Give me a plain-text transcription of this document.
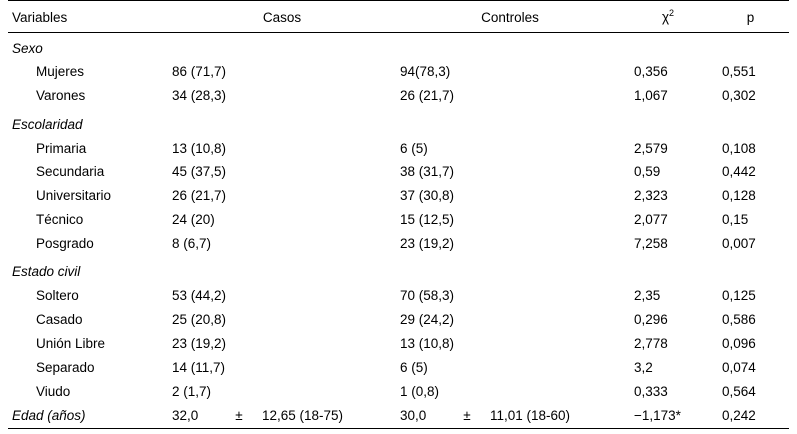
Variables	Casos	Controles	$\chi^2$	p
Sexo				
Mujeres	86 (71,7)	94(78,3)	0,356	0,551
Varones	34 (28,3)	26 (21,7)	1,067	0,302
Escolaridad				
Primaria	13 (10,8)	6 (5)	2,579	0,108
Secundaria	45 (37,5)	38 (31,7)	0,59	0,442
Universitario	26 (21,7)	37 (30,8)	2,323	0,128
Técnico	24 (20)	15 (12,5)	2,077	0,15
Posgrado	8 (6,7)	23 (19,2)	7,258	0,007
Estado civil				
Soltero	53 (44,2)	70 (58,3)	2,35	0,125
Casado	25 (20,8)	29 (24,2)	0,296	0,586
Unión Libre	23 (19,2)	13 (10,8)	2,778	0,096
Separado	14 (11,7)	6 (5)	3,2	0,074
Viudo	2 (1,7)	1 (0,8)	0,333	0,564
Edad (años)	32,0 ± 12,65 (18-75)	30,0 ± 11,01 (18-60)	−1,173*	0,242
